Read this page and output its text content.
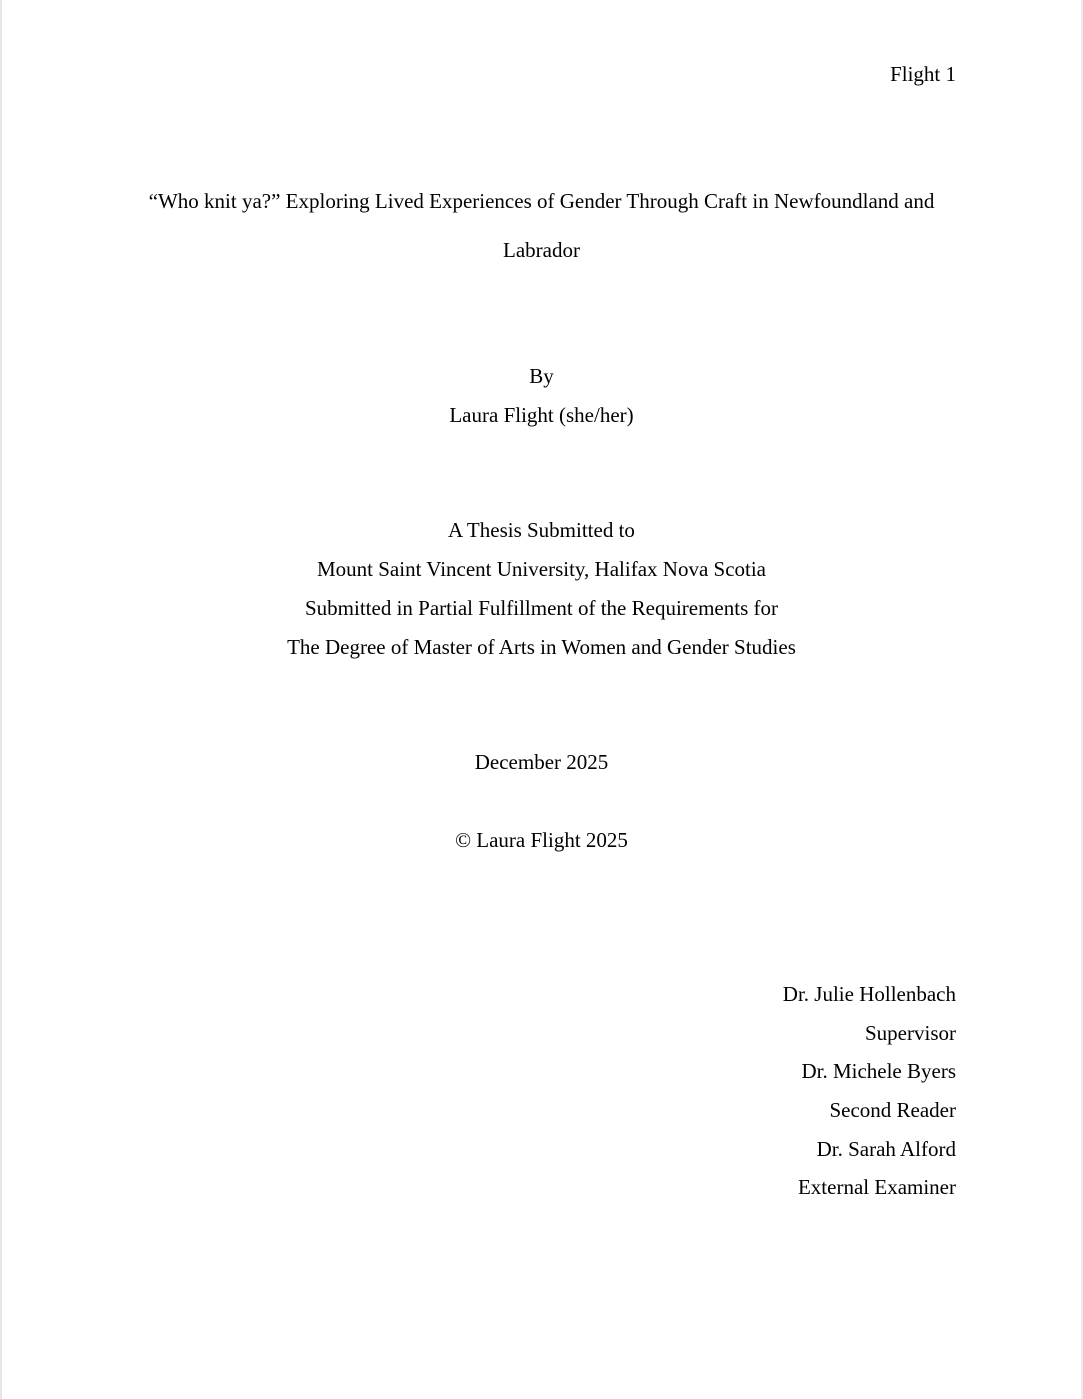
Flight 1
“Who knit ya?” Exploring Lived Experiences of Gender Through Craft in Newfoundland and
Labrador
By
Laura Flight (she/her)
A Thesis Submitted to
Mount Saint Vincent University, Halifax Nova Scotia
Submitted in Partial Fulfillment of the Requirements for
The Degree of Master of Arts in Women and Gender Studies
December 2025
© Laura Flight 2025
Dr. Julie Hollenbach
Supervisor
Dr. Michele Byers
Second Reader
Dr. Sarah Alford
External Examiner
